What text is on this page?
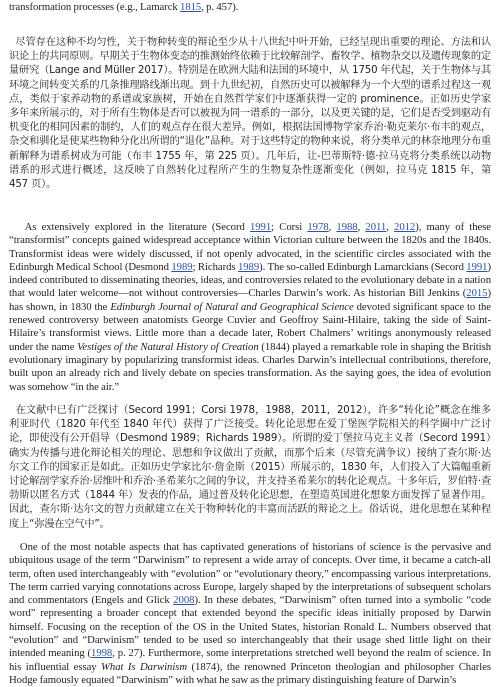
transformation processes (e.g., Lamarck 1815, p. 457).

尽管存在这种不均匀性，关于物种转变的辩论至少从十八世纪中叶开始，已经呈现出重要的理论、方法和认识论上的共同原则。早期关于生物体变态的推测始终依赖于比较解剖学、畜牧学、植物杂交以及遗传现象的定量研究（Lange and Müller 2017）。特别是在欧洲大陆和法国的环境中，从 1750 年代起，关于生物体与其环境之间转变关系的几条推理路线渐出现。到十九世纪初，自然历史可以被解释为一个大型的谱系过程这一观点，类似于家养动物的系谱或家族树，开始在自然哲学家们中逐渐获得一定的 prominence。正如历史学家多年来所展示的，对于所有生物体是否可以被视为同一谱系的一部分，以及更关键的是，它们是否受到驱动有机变化的相同因素的制约，人们的观点存在很大差异。例如，根据法国博物学家乔治·勒克莱尔·布丰的观点，杂交和驯化是使某些物种分化出所谓的“退化”品种。对于这些特定的物种来说，将分类单元的林奈地理分布重新解释为谱系树成为可能（布丰 1755 年，第 225 页）。几年后，让-巴蒂斯特·德·拉马克将分类系统以动物谱系的形式进行概述，这反映了自然转化过程所产生的生物复杂性逐渐变化（例如，拉马克 1815 年，第 457 页）。

As extensively explored in the literature (Secord 1991; Corsi 1978, 1988, 2011, 2012), many of these “transformist” concepts gained widespread acceptance within Victorian culture between the 1820s and the 1840s. Transformist ideas were widely discussed, if not openly advocated, in the scientific circles associated with the Edinburgh Medical School (Desmond 1989; Richards 1989). The so-called Edinburgh Lamarckians (Secord 1991) indeed contributed to disseminating theories, ideas, and controversies related to the evolutionary debate in a nation that would later welcome—not without controversies—Charles Darwin’s work. As historian Bill Jenkins (2015) has shown, in 1830 the Edinburgh Journal of Natural and Geographical Science devoted significant space to the renewed controversy between anatomists George Cuvier and Geoffroy Saint-Hilaire, taking the side of Saint-Hilaire’s transformist views. Little more than a decade later, Robert Chalmers’ writings anonymously released under the name Vestiges of the Natural History of Creation (1844) played a remarkable role in shaping the British evolutionary imaginary by popularizing transformist ideas. Charles Darwin’s intellectual contributions, therefore, built upon an already rich and lively debate on species transformation. As the saying goes, the idea of evolution was somehow “in the air.”

在文献中已有广泛探讨（Secord 1991；Corsi 1978，1988，2011，2012），许多“转化论”概念在维多利亚时代（1820 年代至 1840 年代）获得了广泛接受。转化论思想在爱丁堡医学院相关的科学圈中广泛讨论，即使没有公开倡导（Desmond 1989；Richards 1989）。所谓的爱丁堡拉马克主义者（Secord 1991）确实为传播与进化辩论相关的理论、思想和争议做出了贡献，而那个后来（尽管充满争议）接纳了查尔斯·达尔文工作的国家正是如此。正如历史学家比尔·詹金斯（2015）所展示的，1830 年，人们投入了大篇幅重新讨论解剖学家乔治·居维叶和乔治·圣希莱尔之间的争议，并支持圣希莱尔的转化论观点。十多年后，罗伯特·查勃斯以匿名方式（1844 年）发表的作品，通过普及转化论思想，在塑造英国进化想象方面发挥了显著作用。因此，查尔斯·达尔文的智力贡献建立在关于物种转化的丰富而活跃的辩论之上。俗话说，进化思想在某种程度上“弥漫在空气中”。

One of the most notable aspects that has captivated generations of historians of science is the pervasive and ubiquitous usage of the term “Darwinism” to represent a wide array of concepts. Over time, it became a catch-all term, often used interchangeably with “evolution” or “evolutionary theory,” encompassing various interpretations. The term carried varying connotations across Europe, largely shaped by the interpretations of subsequent scholars and commentators (Engels and Glick 2008). In these debates, “Darwinism” often turned into a symbolic “code word” representing a broader concept that extended beyond the specific ideas initially proposed by Darwin himself. Focusing on the reception of the OS in the United States, historian Ronald L. Numbers observed that “evolution” and “Darwinism” tended to be used so interchangeably that their usage shed little light on their intended meaning (1998, p. 27). Furthermore, some interpretations stretched well beyond the realm of science. In his influential essay What Is Darwinism (1874), the renowned Princeton theologian and philosopher Charles Hodge famously equated “Darwinism” with what he saw as the primary distinguishing feature of Darwin’s
